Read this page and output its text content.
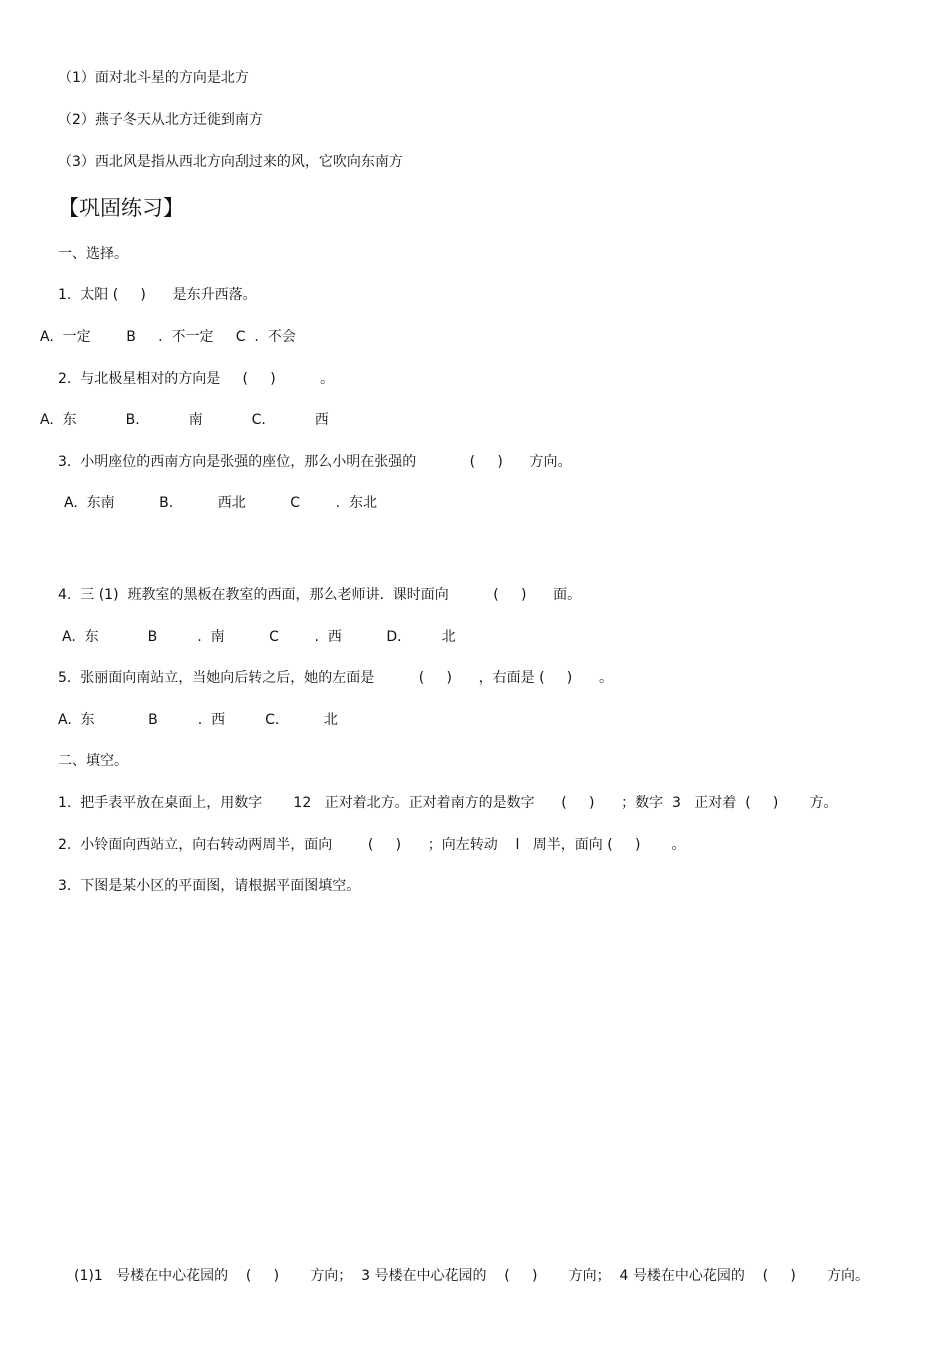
（1）面对北斗星的方向是北方
（2）燕子冬天从北方迁徙到南方
（3）西北风是指从西北方向刮过来的风，它吹向东南方
【巩固练习】
一、选择。
1.  太阳 (     )      是东升西落。
A.  一定        B     .  不一定     C  .  不会
2.  与北极星相对的方向是     (     )          。
A.  东           B.           南           C.           西
3.  小明座位的西南方向是张强的座位，那么小明在张强的            (     )      方向。
A.  东南          B.          西北          C        .  东北
4.  三 (1)  班教室的黑板在教室的西面，那么老师讲.  课时面向          (     )      面。
A.  东           B         .  南          C        .  西          D.         北
5.  张丽面向南站立，当她向后转之后，她的左面是          (     )      ，右面是 (     )      。
A.  东            B         .  西         C.          北
二、填空。
1.  把手表平放在桌面上，用数字       12   正对着北方。正对着南方的是数字      (     )      ；数字  3   正对着  (     )       方。
2.  小铃面向西站立，向右转动两周半，面向        (     )      ；向左转动    l   周半，面向 (     )       。
3.  下图是某小区的平面图，请根据平面图填空。
(1)1   号楼在中心花园的    (     )       方向；  3 号楼在中心花园的    (     )       方向；  4 号楼在中心花园的    (     )       方向。
